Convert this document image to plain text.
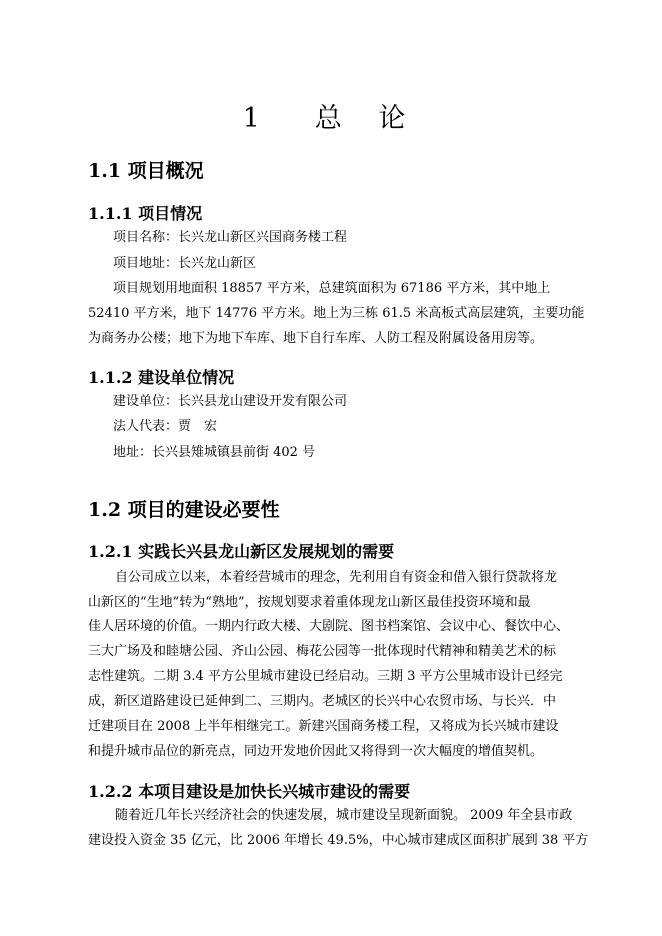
1　总 论
1.1 项目概况
1.1.1 项目情况
项目名称：长兴龙山新区兴国商务楼工程
项目地址：长兴龙山新区
项目规划用地面积 18857 平方米，总建筑面积为 67186 平方米，其中地上
52410 平方米，地下 14776 平方米。地上为三栋 61.5 米高板式高层建筑，主要功能
为商务办公楼；地下为地下车库、地下自行车库、人防工程及附属设备用房等。
1.1.2 建设单位情况
建设单位：长兴县龙山建设开发有限公司
法人代表：贾　宏
地址：长兴县雉城镇县前街 402 号
1.2 项目的建设必要性
1.2.1 实践长兴县龙山新区发展规划的需要
自公司成立以来，本着经营城市的理念，先利用自有资金和借入银行贷款将龙
山新区的“生地”转为“熟地”，按规划要求着重体现龙山新区最佳投资环境和最
佳人居环境的价值。一期内行政大楼、大剧院、图书档案馆、会议中心、餐饮中心、
三大广场及和睦塘公园、齐山公园、梅花公园等一批体现时代精神和精美艺术的标
志性建筑。二期 3.4 平方公里城市建设已经启动。三期 3 平方公里城市设计已经完
成，新区道路建设已延伸到二、三期内。老城区的长兴中心农贸市场、与长兴．中
迁建项目在 2008 上半年相继完工。新建兴国商务楼工程，又将成为长兴城市建设
和提升城市品位的新亮点，同边开发地价因此又将得到一次大幅度的增值契机。
1.2.2 本项目建设是加快长兴城市建设的需要
随着近几年长兴经济社会的快速发展，城市建设呈现新面貌。 2009 年全县市政
建设投入资金 35 亿元，比 2006 年增长 49.5%，中心城市建成区面积扩展到 38 平方
